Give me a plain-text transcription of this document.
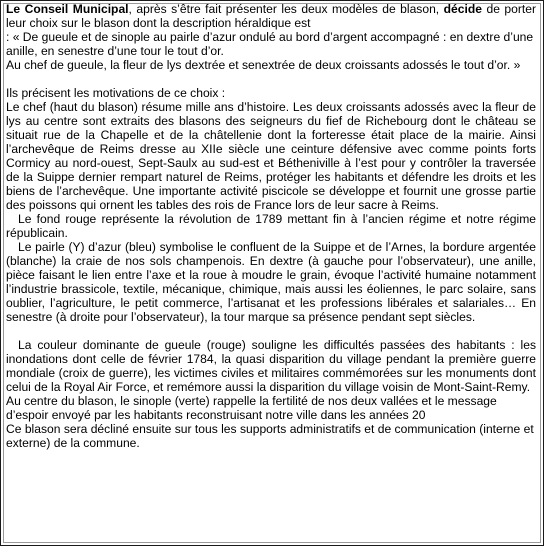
Le Conseil Municipal, après s’être fait présenter les deux modèles de blason, décide de porter leur choix sur le blason dont la description héraldique est

: « De gueule et de sinople au pairle d’azur ondulé au bord d’argent accompagné : en dextre d’une anille, en senestre d’une tour le tout d’or.

Au chef de gueule, la fleur de lys dextrée et senextrée de deux croissants adossés le tout d’or. »

Ils précisent les motivations de ce choix :

Le chef (haut du blason) résume mille ans d’histoire. Les deux croissants adossés avec la fleur de lys au centre sont extraits des blasons des seigneurs du fief de Richebourg dont le château se situait rue de la Chapelle et de la châtellenie dont la forteresse était place de la mairie. Ainsi l’archevêque de Reims dresse au XIIe siècle une ceinture défensive avec comme points forts Cormicy au nord-ouest, Sept-Saulx au sud-est et Bétheniville à l’est pour y contrôler la traversée de la Suippe dernier rempart naturel de Reims, protéger les habitants et défendre les droits et les biens de l’archevêque. Une importante activité piscicole se développe et fournit une grosse partie des poissons qui ornent les tables des rois de France lors de leur sacre à Reims.

Le fond rouge représente la révolution de 1789 mettant fin à l’ancien régime et notre régime républicain.

Le pairle (Y) d’azur (bleu) symbolise le confluent de la Suippe et de l’Arnes, la bordure argentée (blanche) la craie de nos sols champenois. En dextre (à gauche pour l’observateur), une anille, pièce faisant le lien entre l’axe et la roue à moudre le grain, évoque l’activité humaine notamment l’industrie brassicole, textile, mécanique, chimique, mais aussi les éoliennes, le parc solaire, sans oublier, l’agriculture, le petit commerce, l’artisanat et les professions libérales et salariales… En senestre (à droite pour l’observateur), la tour marque sa présence pendant sept siècles.

La couleur dominante de gueule (rouge) souligne les difficultés passées des habitants : les inondations dont celle de février 1784, la quasi disparition du village pendant la première guerre mondiale (croix de guerre), les victimes civiles et militaires commémorées sur les monuments dont celui de la Royal Air Force, et remémore aussi la disparition du village voisin de Mont-Saint-Remy.

Au centre du blason, le sinople (verte) rappelle la fertilité de nos deux vallées et le message d’espoir envoyé par les habitants reconstruisant notre ville dans les années 20

Ce blason sera décliné ensuite sur tous les supports administratifs et de communication (interne et externe) de la commune.
